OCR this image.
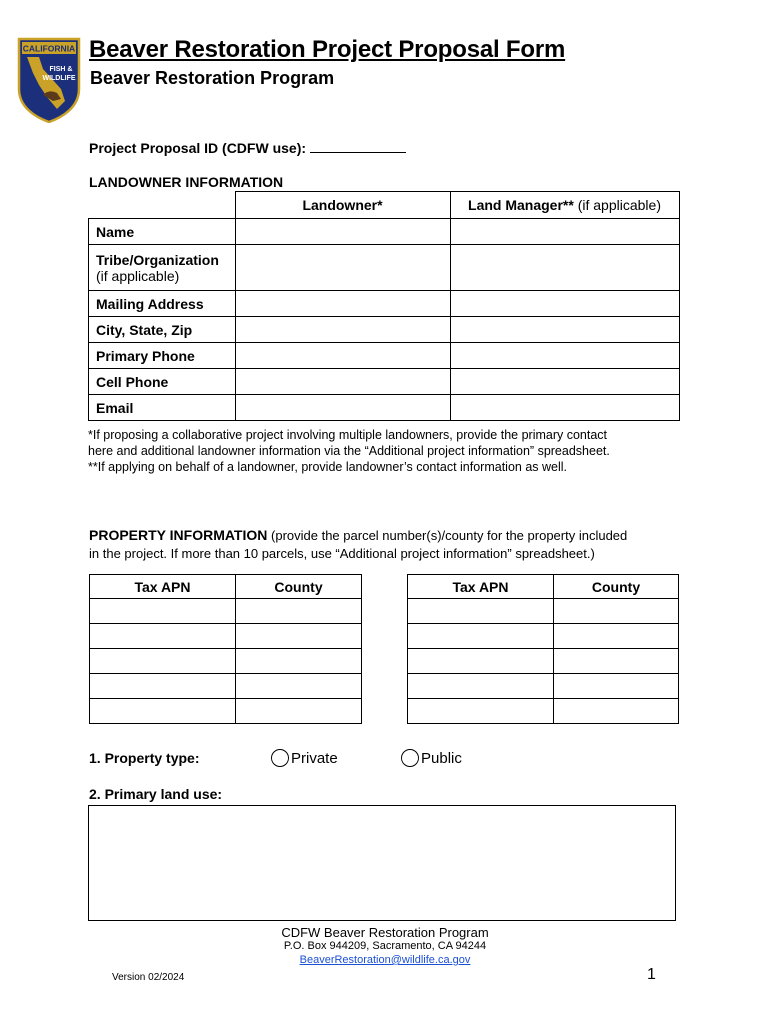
CALIFORNIA
FISH &
WILDLIFE
Beaver Restoration Project Proposal Form
Beaver Restoration Program
Project Proposal ID (CDFW use):
LANDOWNER INFORMATION
	Landowner*	Land Manager** (if applicable)
Name		

Tribe/Organization
(if applicable)		

Mailing Address		
City, State, Zip		
Primary Phone		
Cell Phone		
Email		
*If proposing a collaborative project involving multiple landowners, provide the primary contact
here and additional landowner information via the “Additional project information” spreadsheet.
**If applying on behalf of a landowner, provide landowner’s contact information as well.
PROPERTY INFORMATION (provide the parcel number(s)/county for the property included
in the project. If more than 10 parcels, use “Additional project information” spreadsheet.)
Tax APN	County

		Tax APN	County

1. Property type:	Private	Public
2. Primary land use:
CDFW Beaver Restoration Program
P.O. Box 944209, Sacramento, CA 94244
BeaverRestoration@wildlife.ca.gov
Version 02/2024	1
